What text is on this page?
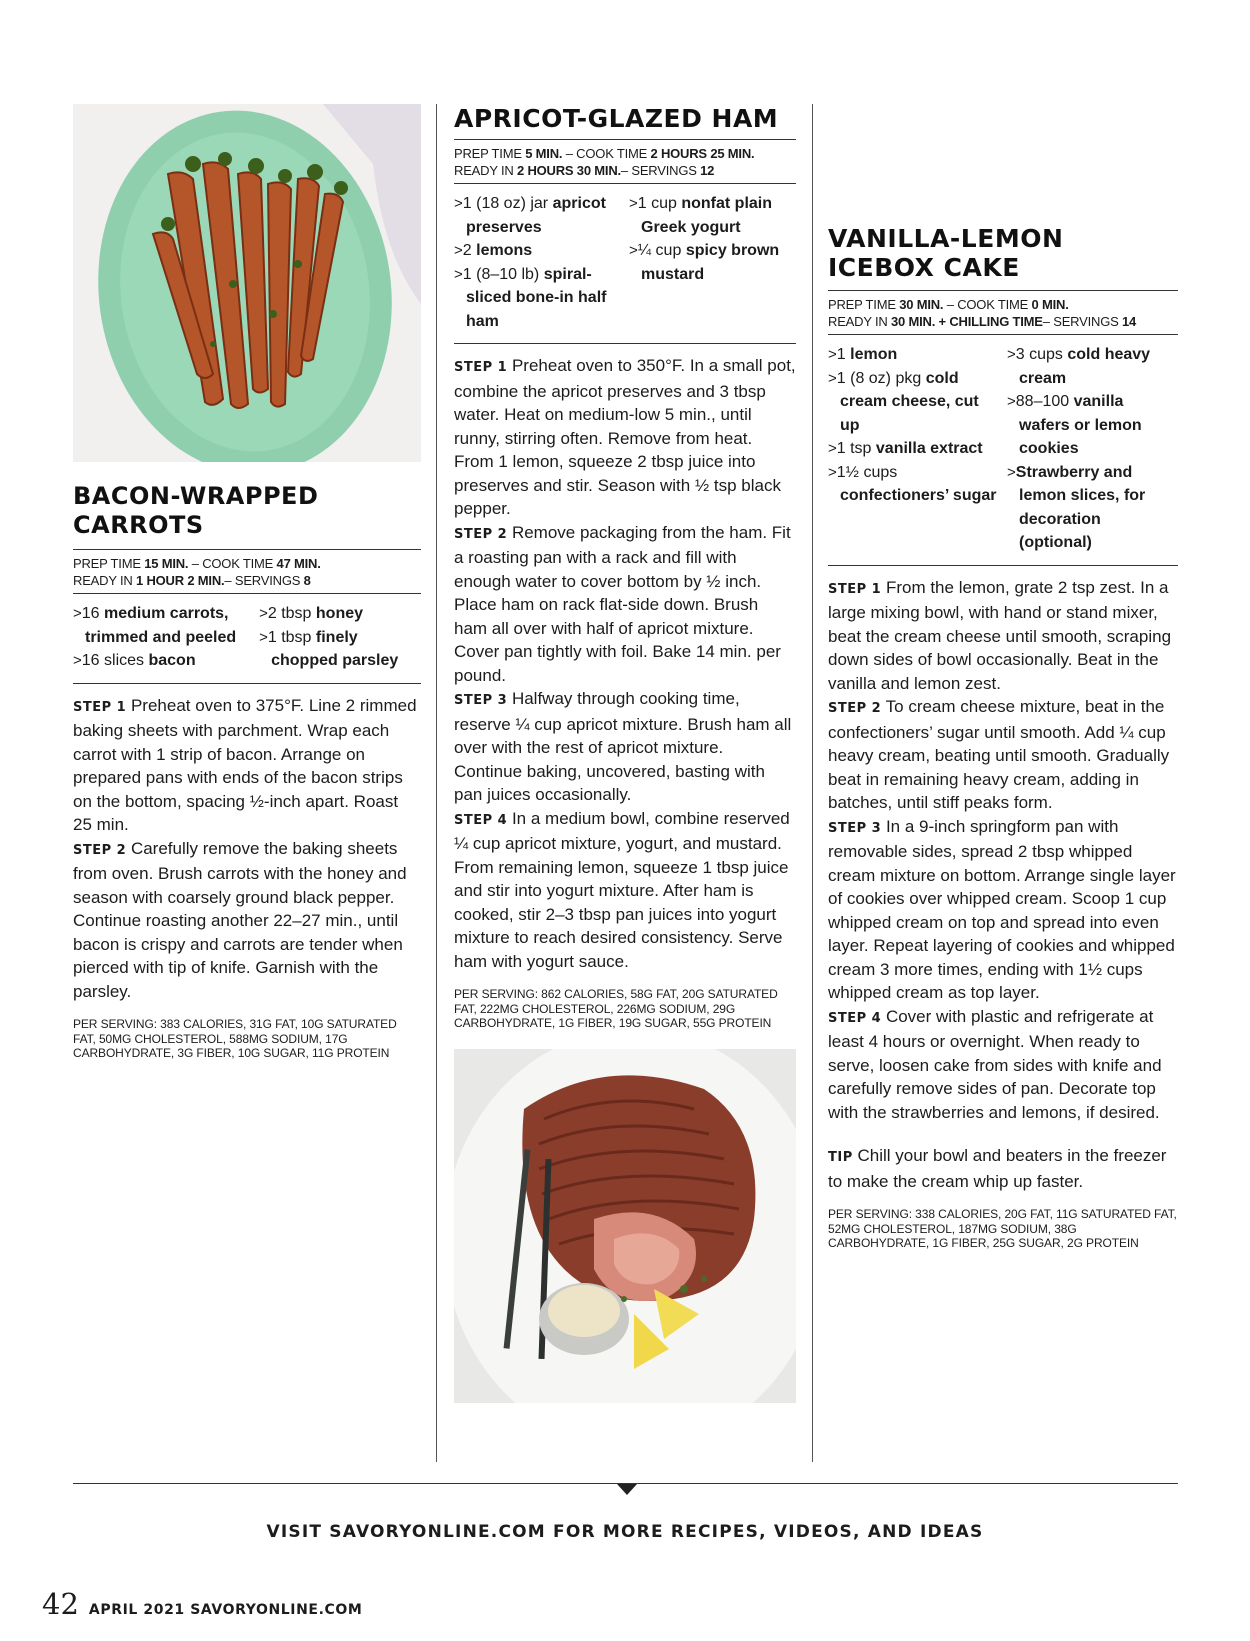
BACON-WRAPPED CARROTS
PREP TIME 15 MIN. – COOK TIME 47 MIN.
READY IN 1 HOUR 2 MIN.– SERVINGS 8
>16 medium carrots, trimmed and peeled
>16 slices bacon
>2 tbsp honey
>1 tbsp finely chopped parsley

STEP 1 Preheat oven to 375°F. Line 2 rimmed baking sheets with parchment. Wrap each carrot with 1 strip of bacon. Arrange on prepared pans with ends of the bacon strips on the bottom, spacing ½-inch apart. Roast 25 min.

STEP 2 Carefully remove the baking sheets from oven. Brush carrots with the honey and season with coarsely ground black pepper. Continue roasting another 22–27 min., until bacon is crispy and carrots are tender when pierced with tip of knife. Garnish with the parsley.

PER SERVING: 383 CALORIES, 31G FAT, 10G SATURATED FAT, 50MG CHOLESTEROL, 588MG SODIUM, 17G CARBOHYDRATE, 3G FIBER, 10G SUGAR, 11G PROTEIN
APRICOT-GLAZED HAM
PREP TIME 5 MIN. – COOK TIME 2 HOURS 25 MIN.
READY IN 2 HOURS 30 MIN.– SERVINGS 12
>1 (18 oz) jar apricot preserves
>2 lemons
>1 (8–10 lb) spiral-sliced bone-in half ham
>1 cup nonfat plain Greek yogurt
>¼ cup spicy brown mustard

STEP 1 Preheat oven to 350°F. In a small pot, combine the apricot preserves and 3 tbsp water. Heat on medium-low 5 min., until runny, stirring often. Remove from heat. From 1 lemon, squeeze 2 tbsp juice into preserves and stir. Season with ½ tsp black pepper.

STEP 2 Remove packaging from the ham. Fit a roasting pan with a rack and fill with enough water to cover bottom by ½ inch. Place ham on rack flat-side down. Brush ham all over with half of apricot mixture. Cover pan tightly with foil. Bake 14 min. per pound.

STEP 3 Halfway through cooking time, reserve ¼ cup apricot mixture. Brush ham all over with the rest of apricot mixture. Continue baking, uncovered, basting with pan juices occasionally.

STEP 4 In a medium bowl, combine reserved ¼ cup apricot mixture, yogurt, and mustard. From remaining lemon, squeeze 1 tbsp juice and stir into yogurt mixture. After ham is cooked, stir 2–3 tbsp pan juices into yogurt mixture to reach desired consistency. Serve ham with yogurt sauce.

PER SERVING: 862 CALORIES, 58G FAT, 20G SATURATED FAT, 222MG CHOLESTEROL, 226MG SODIUM, 29G CARBOHYDRATE, 1G FIBER, 19G SUGAR, 55G PROTEIN
VANILLA-LEMON ICEBOX CAKE
PREP TIME 30 MIN. – COOK TIME 0 MIN.
READY IN 30 MIN. + CHILLING TIME– SERVINGS 14
>1 lemon
>1 (8 oz) pkg cold cream cheese, cut up
>1 tsp vanilla extract
>1½ cups confectioners’ sugar
>3 cups cold heavy cream
>88–100 vanilla wafers or lemon cookies
>Strawberry and lemon slices, for decoration (optional)

STEP 1 From the lemon, grate 2 tsp zest. In a large mixing bowl, with hand or stand mixer, beat the cream cheese until smooth, scraping down sides of bowl occasionally. Beat in the vanilla and lemon zest.

STEP 2 To cream cheese mixture, beat in the confectioners’ sugar until smooth. Add ¼ cup heavy cream, beating until smooth. Gradually beat in remaining heavy cream, adding in batches, until stiff peaks form.

STEP 3 In a 9-inch springform pan with removable sides, spread 2 tbsp whipped cream mixture on bottom. Arrange single layer of cookies over whipped cream. Scoop 1 cup whipped cream on top and spread into even layer. Repeat layering of cookies and whipped cream 3 more times, ending with 1½ cups whipped cream as top layer.

STEP 4 Cover with plastic and refrigerate at least 4 hours or overnight. When ready to serve, loosen cake from sides with knife and carefully remove sides of pan. Decorate top with the strawberries and lemons, if desired.

TIP Chill your bowl and beaters in the freezer to make the cream whip up faster.

PER SERVING: 338 CALORIES, 20G FAT, 11G SATURATED FAT, 52MG CHOLESTEROL, 187MG SODIUM, 38G CARBOHYDRATE, 1G FIBER, 25G SUGAR, 2G PROTEIN
VISIT SAVORYONLINE.COM FOR MORE RECIPES, VIDEOS, AND IDEAS
42 APRIL 2021 SAVORYONLINE.COM
